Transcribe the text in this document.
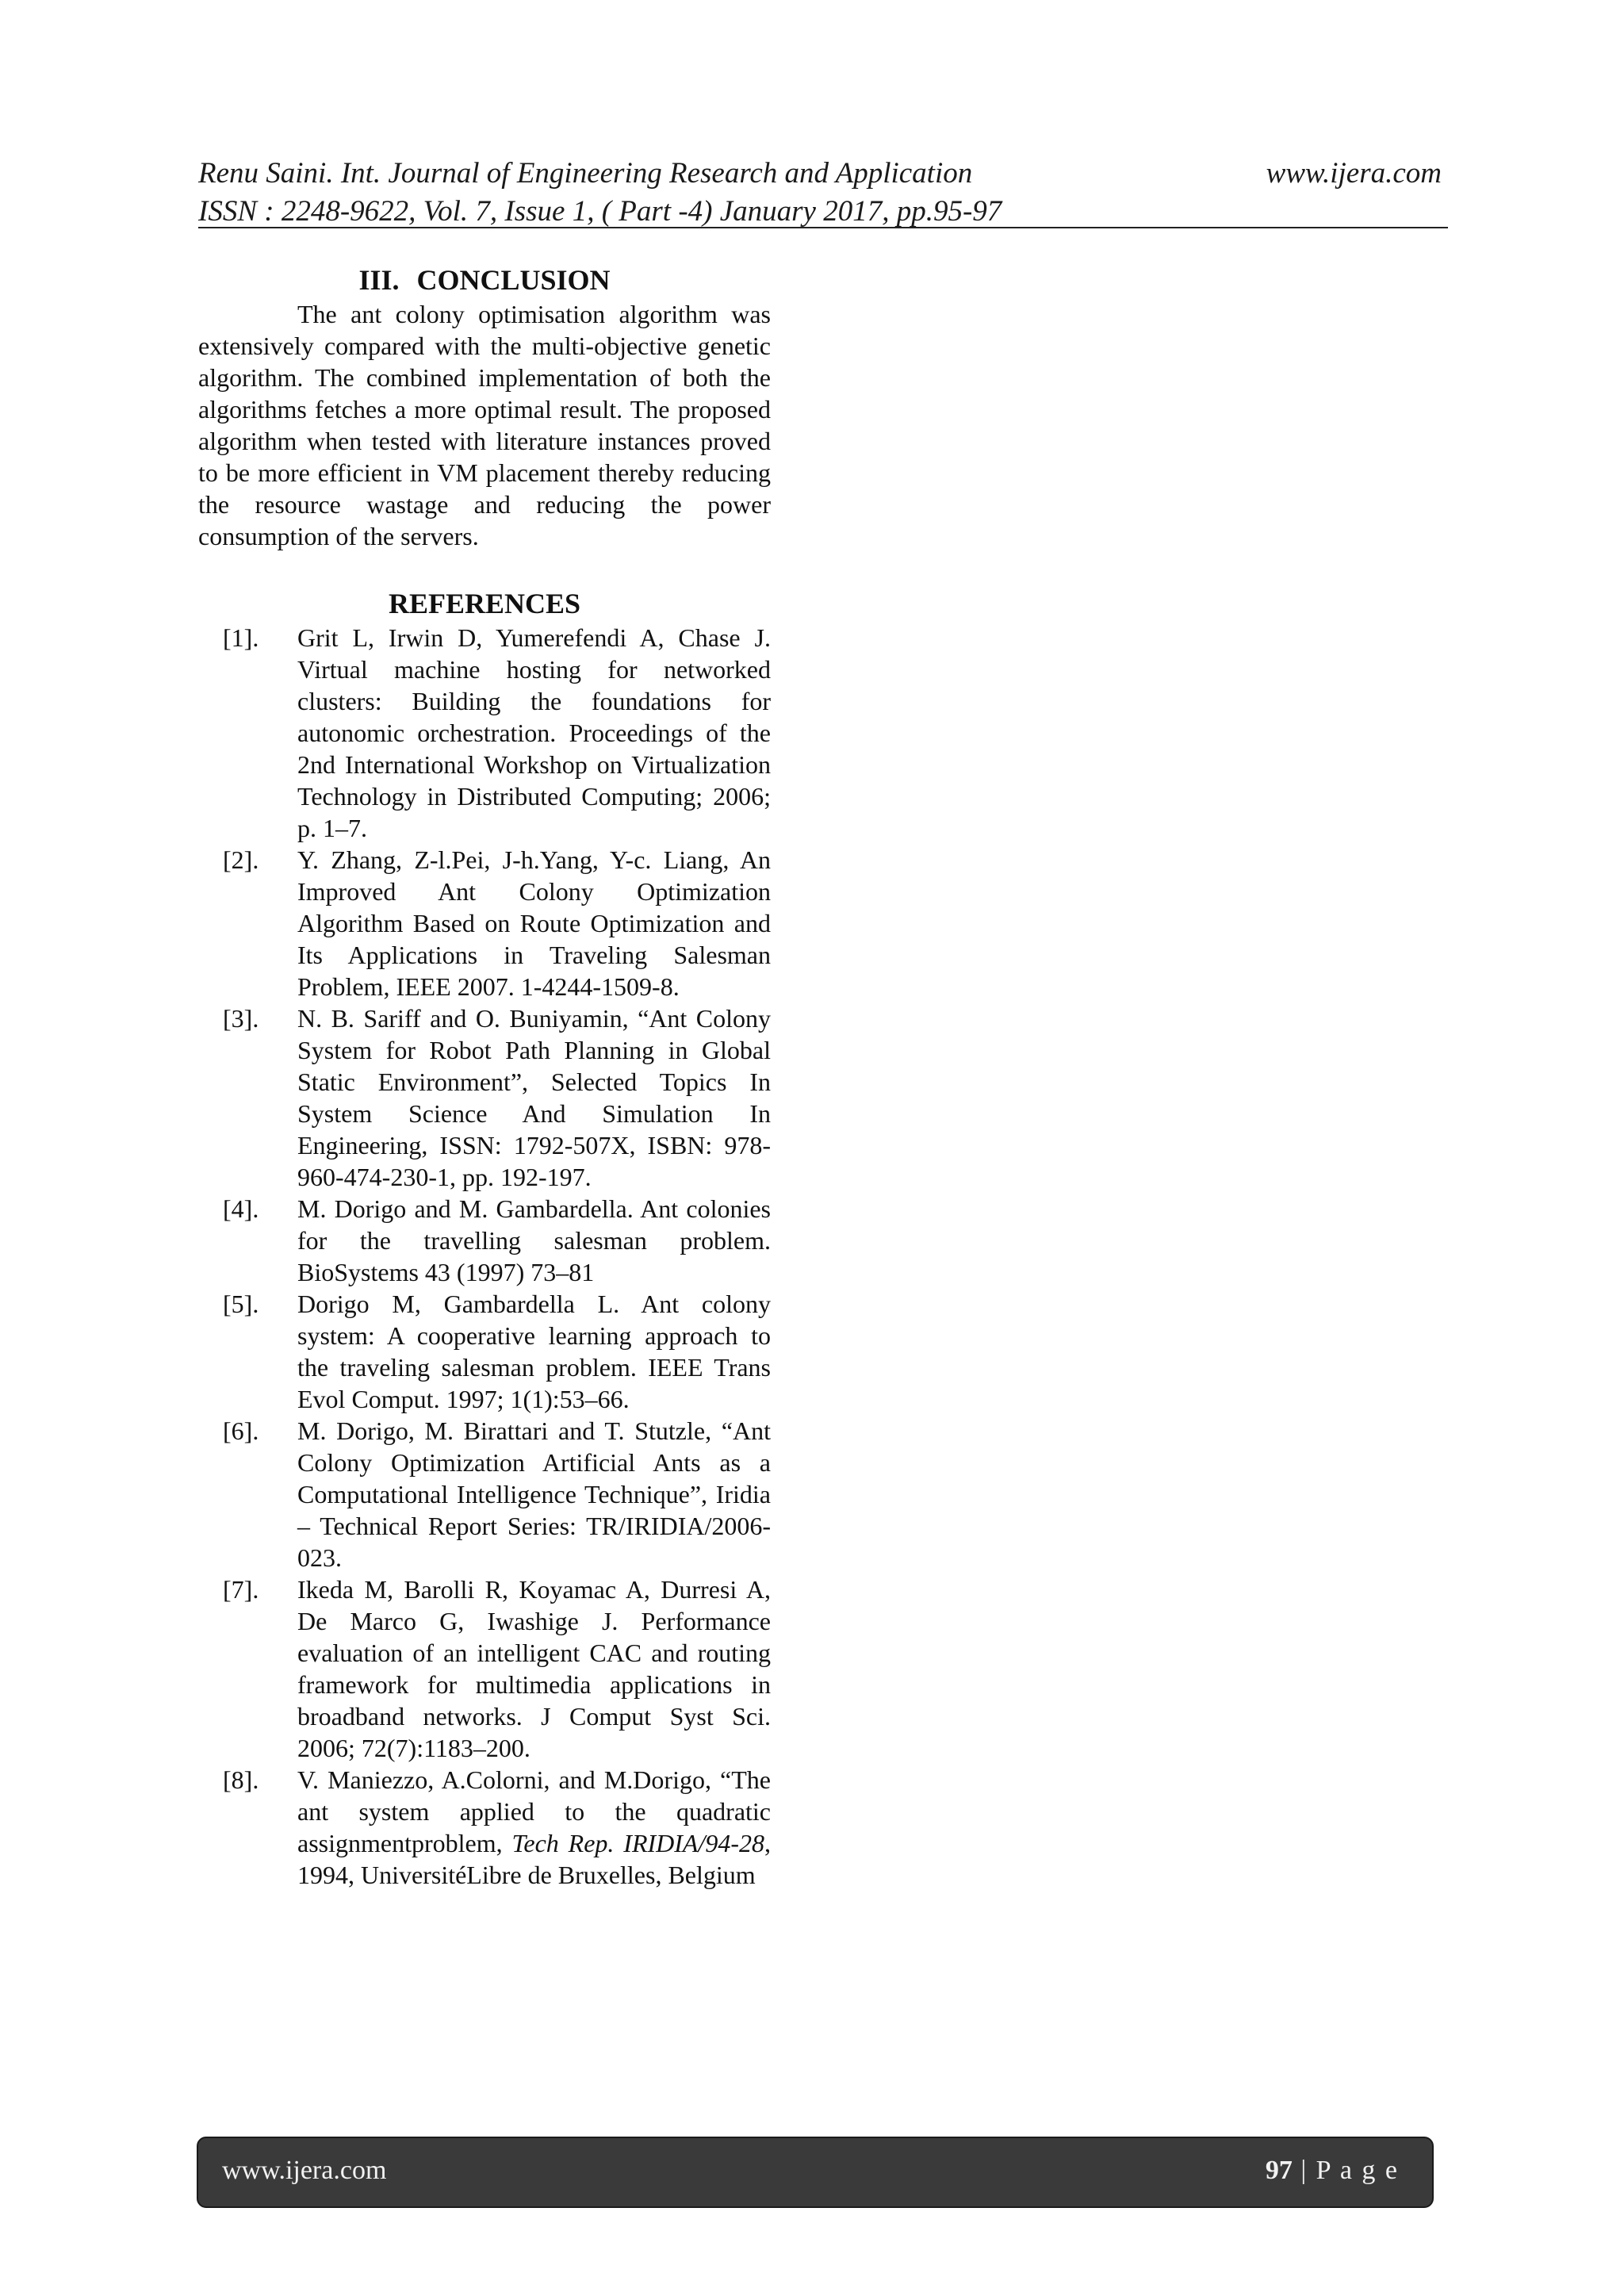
Renu Saini. Int. Journal of Engineering Research and Application	www.ijera.com
ISSN : 2248-9622, Vol. 7, Issue 1, ( Part -4) January 2017, pp.95-97
III. CONCLUSION

The ant colony optimisation algorithm was extensively compared with the multi-objective genetic algorithm. The combined implementation of both the algorithms fetches a more optimal result. The proposed algorithm when tested with literature instances proved to be more efficient in VM placement thereby reducing the resource wastage and reducing the power consumption of the servers.

REFERENCES
[1]. Grit L, Irwin D, Yumerefendi A, Chase J. Virtual machine hosting for networked clusters: Building the foundations for autonomic orchestration. Proceedings of the 2nd International Workshop on Virtualization Technology in Distributed Computing; 2006; p. 1–7.
[2]. Y. Zhang, Z-l.Pei, J-h.Yang, Y-c. Liang, An Improved Ant Colony Optimization Algorithm Based on Route Optimization and Its Applications in Traveling Salesman Problem, IEEE 2007. 1-4244-1509-8.
[3]. N. B. Sariff and O. Buniyamin, “Ant Colony System for Robot Path Planning in Global Static Environment”, Selected Topics In System Science And Simulation In Engineering, ISSN: 1792-507X, ISBN: 978-960-474-230-1, pp. 192-197.
[4]. M. Dorigo and M. Gambardella. Ant colonies for the travelling salesman problem. BioSystems 43 (1997) 73–81
[5]. Dorigo M, Gambardella L. Ant colony system: A cooperative learning approach to the traveling salesman problem. IEEE Trans Evol Comput. 1997; 1(1):53–66.
[6]. M. Dorigo, M. Birattari and T. Stutzle, “Ant Colony Optimization Artificial Ants as a Computational Intelligence Technique”, Iridia – Technical Report Series: TR/IRIDIA/2006-023.
[7]. Ikeda M, Barolli R, Koyamac A, Durresi A, De Marco G, Iwashige J. Performance evaluation of an intelligent CAC and routing framework for multimedia applications in broadband networks. J Comput Syst Sci. 2006; 72(7):1183–200.
[8]. V. Maniezzo, A.Colorni, and M.Dorigo, “The ant system applied to the quadratic assignmentproblem, Tech Rep. IRIDIA/94-28, 1994, UniversitéLibre de Bruxelles, Belgium
www.ijera.com	97 | P a g e
